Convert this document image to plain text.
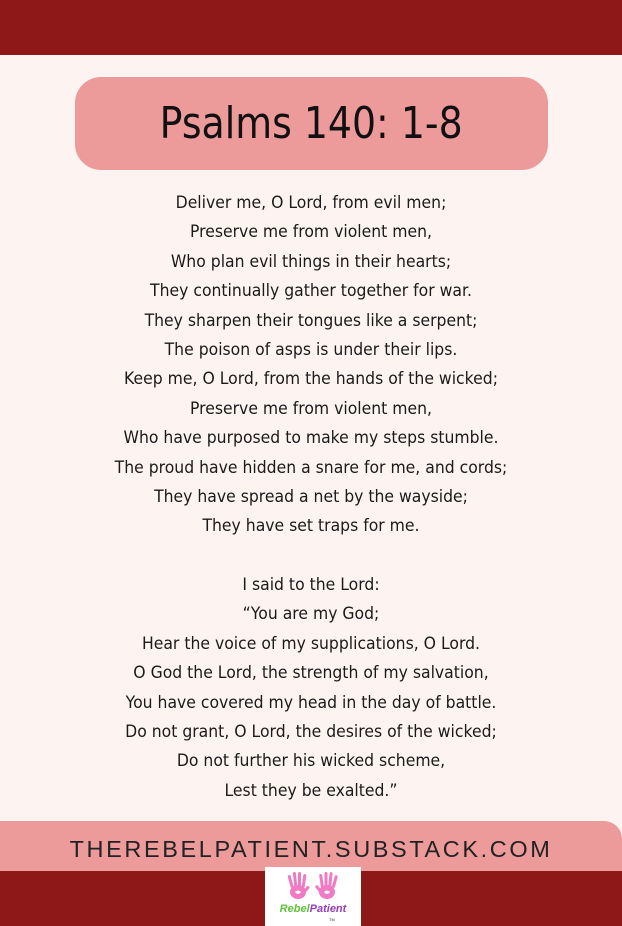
Psalms 140: 1-8
Deliver me, O Lord, from evil men;
Preserve me from violent men,
Who plan evil things in their hearts;
They continually gather together for war.
They sharpen their tongues like a serpent;
The poison of asps is under their lips.
Keep me, O Lord, from the hands of the wicked;
Preserve me from violent men,
Who have purposed to make my steps stumble.
The proud have hidden a snare for me, and cords;
They have spread a net by the wayside;
They have set traps for me.
I said to the Lord:
“You are my God;
Hear the voice of my supplications, O Lord.
O God the Lord, the strength of my salvation,
You have covered my head in the day of battle.
Do not grant, O Lord, the desires of the wicked;
Do not further his wicked scheme,
Lest they be exalted.”
THEREBELPATIENT.SUBSTACK.COM
RebelPatient
TM
